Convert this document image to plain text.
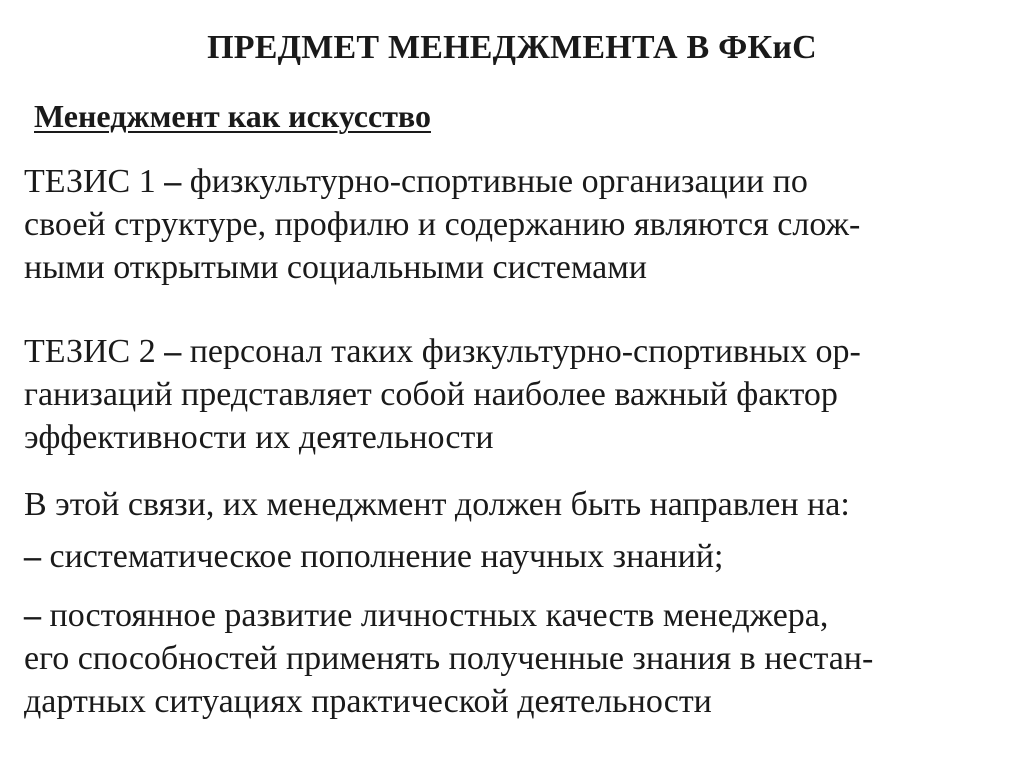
ПРЕДМЕТ МЕНЕДЖМЕНТА В ФКиС
Менеджмент как искусство
ТЕЗИС 1 – физкультурно-спортивные организации по
своей структуре, профилю и содержанию являются слож-
ными открытыми социальными системами
ТЕЗИС 2 – персонал таких физкультурно-спортивных ор-
ганизаций представляет собой наиболее важный фактор
эффективности их деятельности
В этой связи, их менеджмент должен быть направлен на:
– систематическое пополнение научных знаний;
– постоянное развитие личностных качеств менеджера,
его способностей применять полученные знания в нестан-
дартных ситуациях практической деятельности
